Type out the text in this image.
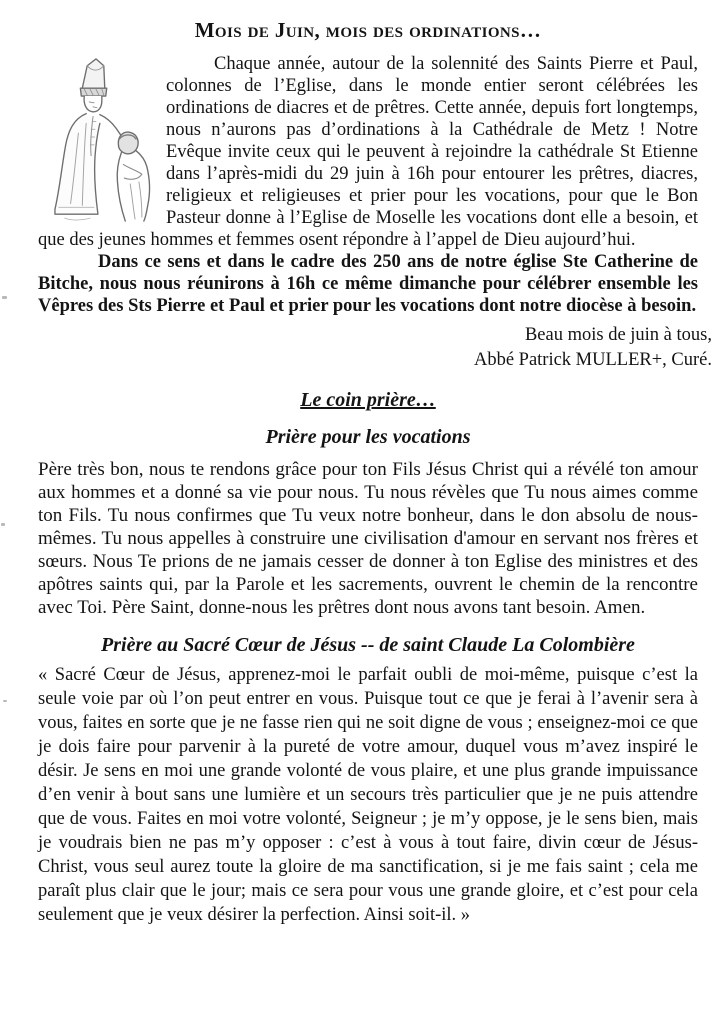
Mois de Juin, mois des ordinations…

Chaque année, autour de la solennité des Saints Pierre et Paul, colonnes de l’Eglise, dans le monde entier seront célébrées les ordinations de diacres et de prêtres. Cette année, depuis fort longtemps, nous n’aurons pas d’ordinations à la Cathédrale de Metz ! Notre Evêque invite ceux qui le peuvent à rejoindre la cathédrale St Etienne dans l’après-midi du 29 juin à 16h pour entourer les prêtres, diacres, religieux et religieuses et prier pour les vocations, pour que le Bon Pasteur donne à l’Eglise de Moselle les vocations dont elle a besoin, et que des jeunes hommes et femmes osent répondre à l’appel de Dieu aujourd’hui.

Dans ce sens et dans le cadre des 250 ans de notre église Ste Catherine de Bitche, nous nous réunirons à 16h ce même dimanche pour célébrer ensemble les Vêpres des Sts Pierre et Paul et prier pour les vocations dont notre diocèse à besoin.

Beau mois de juin à tous,
Abbé Patrick MULLER+, Curé.
Le coin prière…
Prière pour les vocations

Père très bon, nous te rendons grâce pour ton Fils Jésus Christ qui a révélé ton amour aux hommes et a donné sa vie pour nous. Tu nous révèles que Tu nous aimes comme ton Fils. Tu nous confirmes que Tu veux notre bonheur, dans le don absolu de nous-mêmes. Tu nous appelles à construire une civilisation d'amour en servant nos frères et sœurs. Nous Te prions de ne jamais cesser de donner à ton Eglise des ministres et des apôtres saints qui, par la Parole et les sacrements, ouvrent le chemin de la rencontre avec Toi. Père Saint, donne-nous les prêtres dont nous avons tant besoin. Amen.

Prière au Sacré Cœur de Jésus -- de saint Claude La Colombière

« Sacré Cœur de Jésus, apprenez-moi le parfait oubli de moi-même, puisque c’est la seule voie par où l’on peut entrer en vous. Puisque tout ce que je ferai à l’avenir sera à vous, faites en sorte que je ne fasse rien qui ne soit digne de vous ; enseignez-moi ce que je dois faire pour parvenir à la pureté de votre amour, duquel vous m’avez inspiré le désir. Je sens en moi une grande volonté de vous plaire, et une plus grande impuissance d’en venir à bout sans une lumière et un secours très particulier que je ne puis attendre que de vous. Faites en moi votre volonté, Seigneur ; je m’y oppose, je le sens bien, mais je voudrais bien ne pas m’y opposer : c’est à vous à tout faire, divin cœur de Jésus-Christ, vous seul aurez toute la gloire de ma sanctification, si je me fais saint ; cela me paraît plus clair que le jour; mais ce sera pour vous une grande gloire, et c’est pour cela seulement que je veux désirer la perfection. Ainsi soit-il. »
